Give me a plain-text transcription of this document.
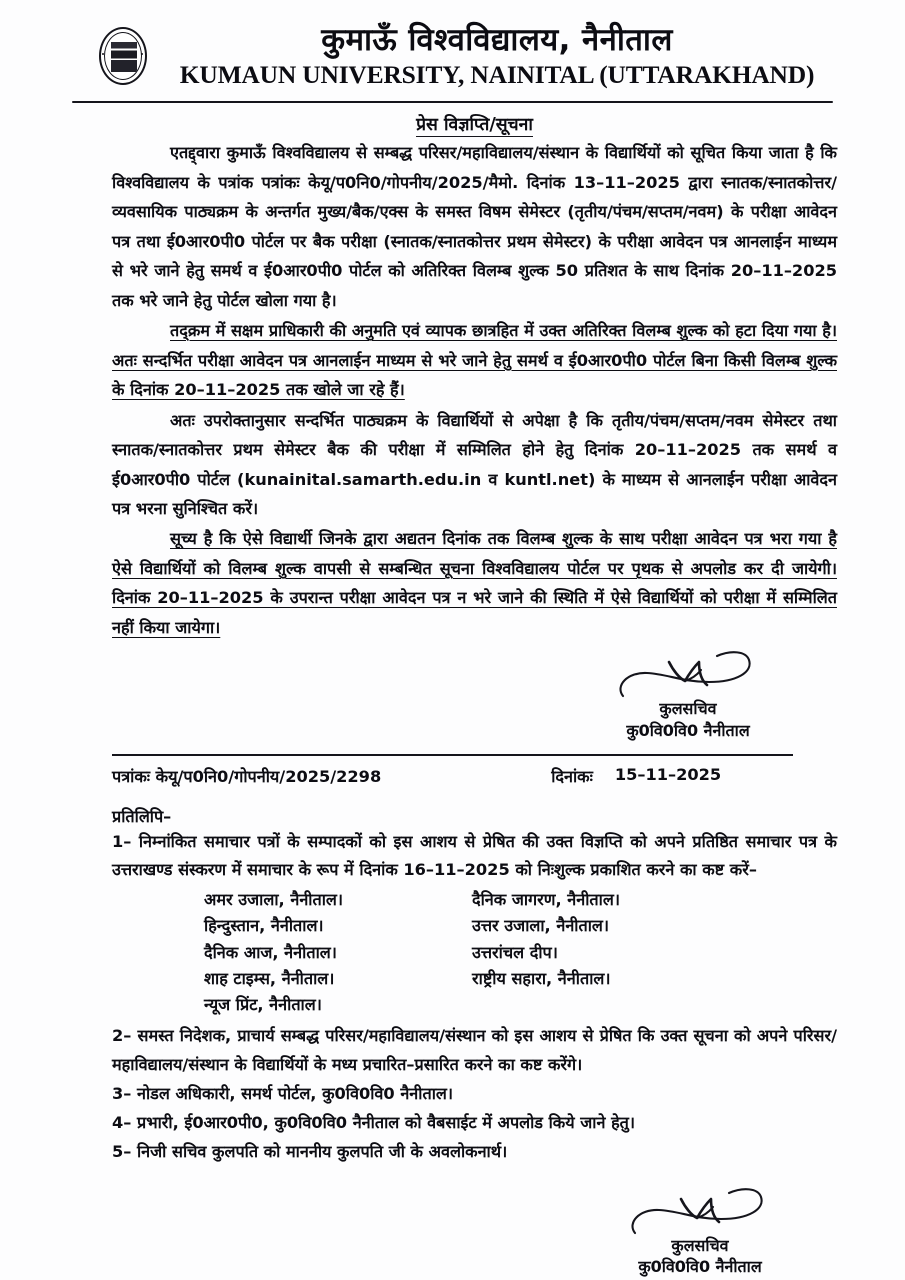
कुमाऊँ विश्वविद्यालय, नैनीताल
KUMAUN UNIVERSITY, NAINITAL (UTTARAKHAND)
प्रेस विज्ञप्ति/सूचना

एतद्द्वारा कुमाऊँ विश्वविद्यालय से सम्बद्ध परिसर/महाविद्यालय/संस्थान के विद्यार्थियों को सूचित किया जाता है कि विश्वविद्यालय के पत्रांक पत्रांकः केयू/प0नि0/गोपनीय/2025/मैमो. दिनांक 13–11–2025 द्वारा स्नातक/स्नातकोत्तर/व्यवसायिक पाठ्यक्रम के अन्तर्गत मुख्य/बैक/एक्स के समस्त विषम सेमेस्टर (तृतीय/पंचम/सप्तम/नवम) के परीक्षा आवेदन पत्र तथा ई0आर0पी0 पोर्टल पर बैक परीक्षा (स्नातक/स्नातकोत्तर प्रथम सेमेस्टर) के परीक्षा आवेदन पत्र आनलाईन माध्यम से भरे जाने हेतु समर्थ व ई0आर0पी0 पोर्टल को अतिरिक्त विलम्ब शुल्क 50 प्रतिशत के साथ दिनांक 20–11–2025 तक भरे जाने हेतु पोर्टल खोला गया है।

तद्क्रम में सक्षम प्राधिकारी की अनुमति एवं व्यापक छात्रहित में उक्त अतिरिक्त विलम्ब शुल्क को हटा दिया गया है। अतः सन्दर्भित परीक्षा आवेदन पत्र आनलाईन माध्यम से भरे जाने हेतु समर्थ व ई0आर0पी0 पोर्टल बिना किसी विलम्ब शुल्क के दिनांक 20–11–2025 तक खोले जा रहे हैं।

अतः उपरोक्तानुसार सन्दर्भित पाठ्यक्रम के विद्यार्थियों से अपेक्षा है कि तृतीय/पंचम/सप्तम/नवम सेमेस्टर तथा स्नातक/स्नातकोत्तर प्रथम सेमेस्टर बैक की परीक्षा में सम्मिलित होने हेतु दिनांक 20–11–2025 तक समर्थ व ई0आर0पी0 पोर्टल (kunainital.samarth.edu.in व kuntl.net) के माध्यम से आनलाईन परीक्षा आवेदन पत्र भरना सुनिश्चित करें।

सूच्य है कि ऐसे विद्यार्थी जिनके द्वारा अद्यतन दिनांक तक विलम्ब शुल्क के साथ परीक्षा आवेदन पत्र भरा गया है ऐसे विद्यार्थियों को विलम्ब शुल्क वापसी से सम्बन्धित सूचना विश्वविद्यालय पोर्टल पर पृथक से अपलोड कर दी जायेगी। दिनांक 20–11–2025 के उपरान्त परीक्षा आवेदन पत्र न भरे जाने की स्थिति में ऐसे विद्यार्थियों को परीक्षा में सम्मिलित नहीं किया जायेगा।

कुलसचिव
कु0वि0वि0 नैनीताल
पत्रांकः केयू/प0नि0/गोपनीय/2025/2298	दिनांकः 15–11–2025
प्रतिलिपि–
1– निम्नांकित समाचार पत्रों के सम्पादकों को इस आशय से प्रेषित की उक्त विज्ञप्ति को अपने प्रतिष्ठित समाचार पत्र के उत्तराखण्ड संस्करण में समाचार के रूप में दिनांक 16–11–2025 को निःशुल्क प्रकाशित करने का कष्ट करें–
अमर उजाला, नैनीताल।
हिन्दुस्तान, नैनीताल।
दैनिक आज, नैनीताल।
शाह टाइम्स, नैनीताल।
न्यूज प्रिंट, नैनीताल।
दैनिक जागरण, नैनीताल।
उत्तर उजाला, नैनीताल।
उत्तरांचल दीप।
राष्ट्रीय सहारा, नैनीताल।
2– समस्त निदेशक, प्राचार्य सम्बद्ध परिसर/महाविद्यालय/संस्थान को इस आशय से प्रेषित कि उक्त सूचना को अपने परिसर/महाविद्यालय/संस्थान के विद्यार्थियों के मध्य प्रचारित–प्रसारित करने का कष्ट करेंगे।
3– नोडल अधिकारी, समर्थ पोर्टल, कु0वि0वि0 नैनीताल।
4– प्रभारी, ई0आर0पी0, कु0वि0वि0 नैनीताल को वैबसाईट में अपलोड किये जाने हेतु।
5– निजी सचिव कुलपति को माननीय कुलपति जी के अवलोकनार्थ।
कुलसचिव
कु0वि0वि0 नैनीताल
